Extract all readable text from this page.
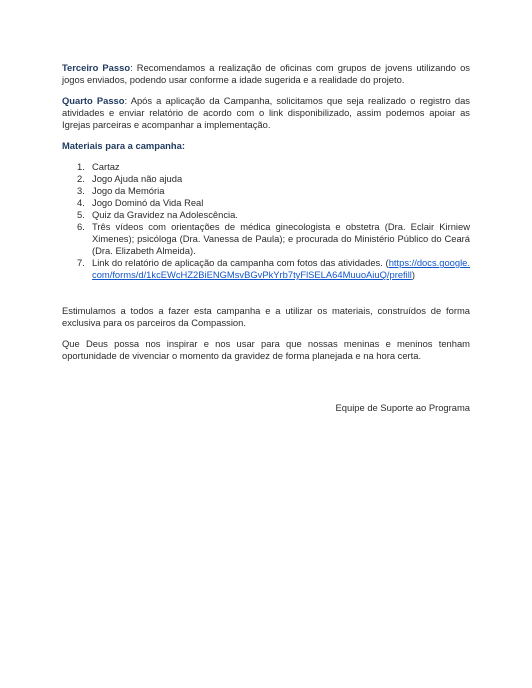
Terceiro Passo: Recomendamos a realização de oficinas com grupos de jovens utilizando os jogos enviados, podendo usar conforme a idade sugerida e a realidade do projeto.

Quarto Passo: Após a aplicação da Campanha, solicitamos que seja realizado o registro das atividades e enviar relatório de acordo com o link disponibilizado, assim podemos apoiar as Igrejas parceiras e acompanhar a implementação.

Materiais para a campanha:
1. Cartaz
2. Jogo Ajuda não ajuda
3. Jogo da Memória
4. Jogo Dominó da Vida Real
5. Quiz da Gravidez na Adolescência.
6. Três vídeos com orientações de médica ginecologista e obstetra (Dra. Eclair Kirniew Ximenes); psicóloga (Dra. Vanessa de Paula); e procurada do Ministério Público do Ceará (Dra. Elizabeth Almeida).
7. Link do relatório de aplicação da campanha com fotos das atividades. (https://docs.google.com/forms/d/1kcEWcHZ2BiENGMsvBGvPkYrb7tyFlSELA64MuuoAiuQ/prefill)

Estimulamos a todos a fazer esta campanha e a utilizar os materiais, construídos de forma exclusiva para os parceiros da Compassion.

Que Deus possa nos inspirar e nos usar para que nossas meninas e meninos tenham oportunidade de vivenciar o momento da gravidez de forma planejada e na hora certa.

Equipe de Suporte ao Programa
